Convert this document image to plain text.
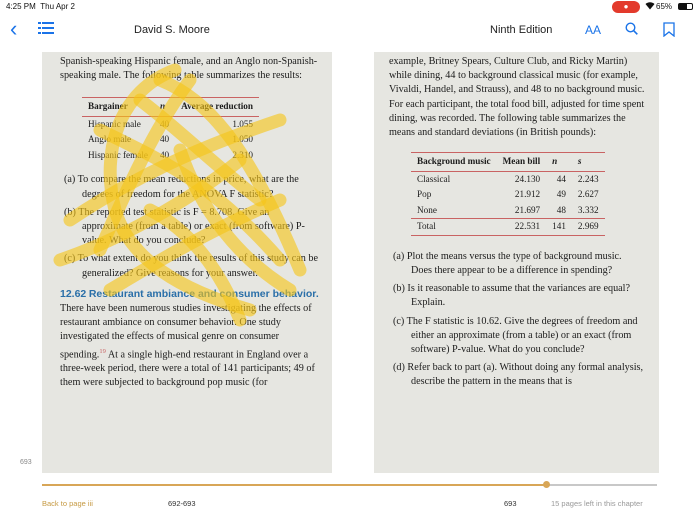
4:25 PM Thu Apr 2	●	65%
‹	David S. Moore	Ninth Edition	AA

Spanish-speaking Hispanic female, and an Anglo non-Spanish-speaking male. The following table summarizes the results:

Bargainer	n	Average reduction
Hispanic male	40	1.055
Anglo male	40	1.050
Hispanic female	40	2.310

(a) To compare the mean reductions in price, what are the degrees of freedom for the ANOVA F statistic?

(b) The reported test statistic is F = 8.708. Give an approximate (from a table) or exact (from software) P-value. What do you conclude?

(c) To what extent do you think the results of this study can be generalized? Give reasons for your answer.

12.62 Restaurant ambiance and consumer behavior. There have been numerous studies investigating the effects of restaurant ambiance on consumer behavior. One study investigated the effects of musical genre on consumer spending.$^{19}$ At a single high-end restaurant in England over a three-week period, there were a total of 141 participants; 49 of them were subjected to background pop music (for

693

example, Britney Spears, Culture Club, and Ricky Martin) while dining, 44 to background classical music (for example, Vivaldi, Handel, and Strauss), and 48 to no background music. For each participant, the total food bill, adjusted for time spent dining, was recorded. The following table summarizes the means and standard deviations (in British pounds):

Background music	Mean bill	n	s
Classical	24.130	44	2.243
Pop	21.912	49	2.627
None	21.697	48	3.332
Total	22.531	141	2.969

(a) Plot the means versus the type of background music. Does there appear to be a difference in spending?

(b) Is it reasonable to assume that the variances are equal? Explain.

(c) The F statistic is 10.62. Give the degrees of freedom and either an approximate (from a table) or an exact (from software) P-value. What do you conclude?

(d) Refer back to part (a). Without doing any formal analysis, describe the pattern in the means that is

Back to page iii	692-693	693	15 pages left in this chapter
